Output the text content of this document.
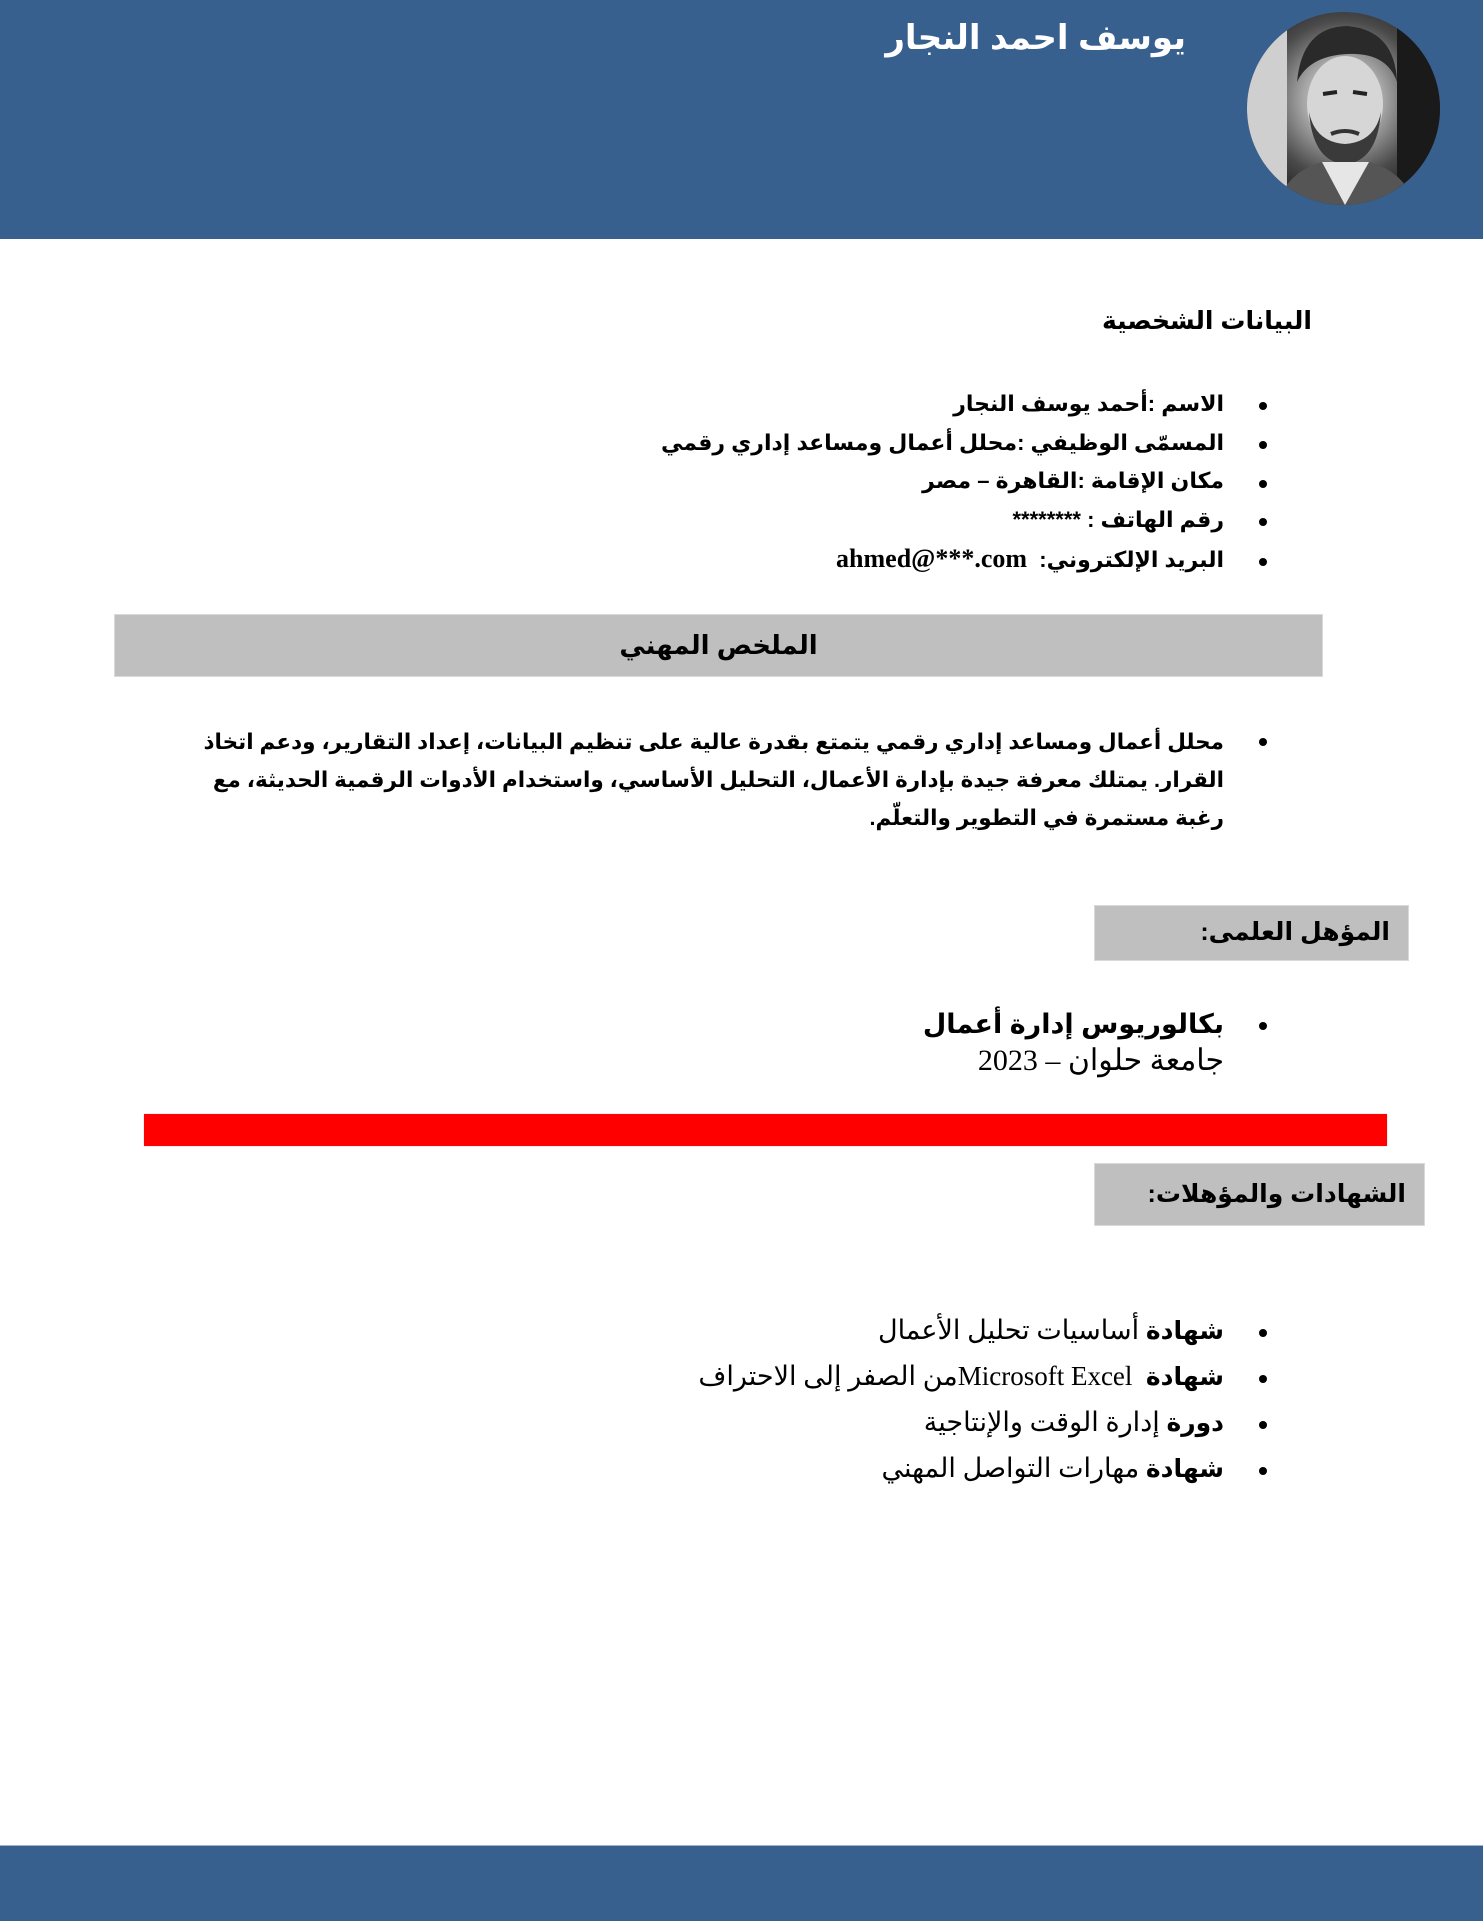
يوسف احمد النجار
البيانات الشخصية
الاسم :أحمد يوسف النجار
المسمّى الوظيفي :محلل أعمال ومساعد إداري رقمي
مكان الإقامة :القاهرة – مصر
رقم الهاتف : ********
البريد الإلكتروني:  ahmed@***.com
الملخص المهني
محلل أعمال ومساعد إداري رقمي يتمتع بقدرة عالية على تنظيم البيانات، إعداد التقارير، ودعم اتخاذ القرار. يمتلك معرفة جيدة بإدارة الأعمال، التحليل الأساسي، واستخدام الأدوات الرقمية الحديثة، مع رغبة مستمرة في التطوير والتعلّم.
المؤهل العلمى:
بكالوريوس إدارة أعمال
جامعة حلوان – 2023
الشهادات والمؤهلات:
شهادة أساسيات تحليل الأعمال
شهادة  Microsoft Excelمن الصفر إلى الاحتراف
دورة إدارة الوقت والإنتاجية
شهادة مهارات التواصل المهني
